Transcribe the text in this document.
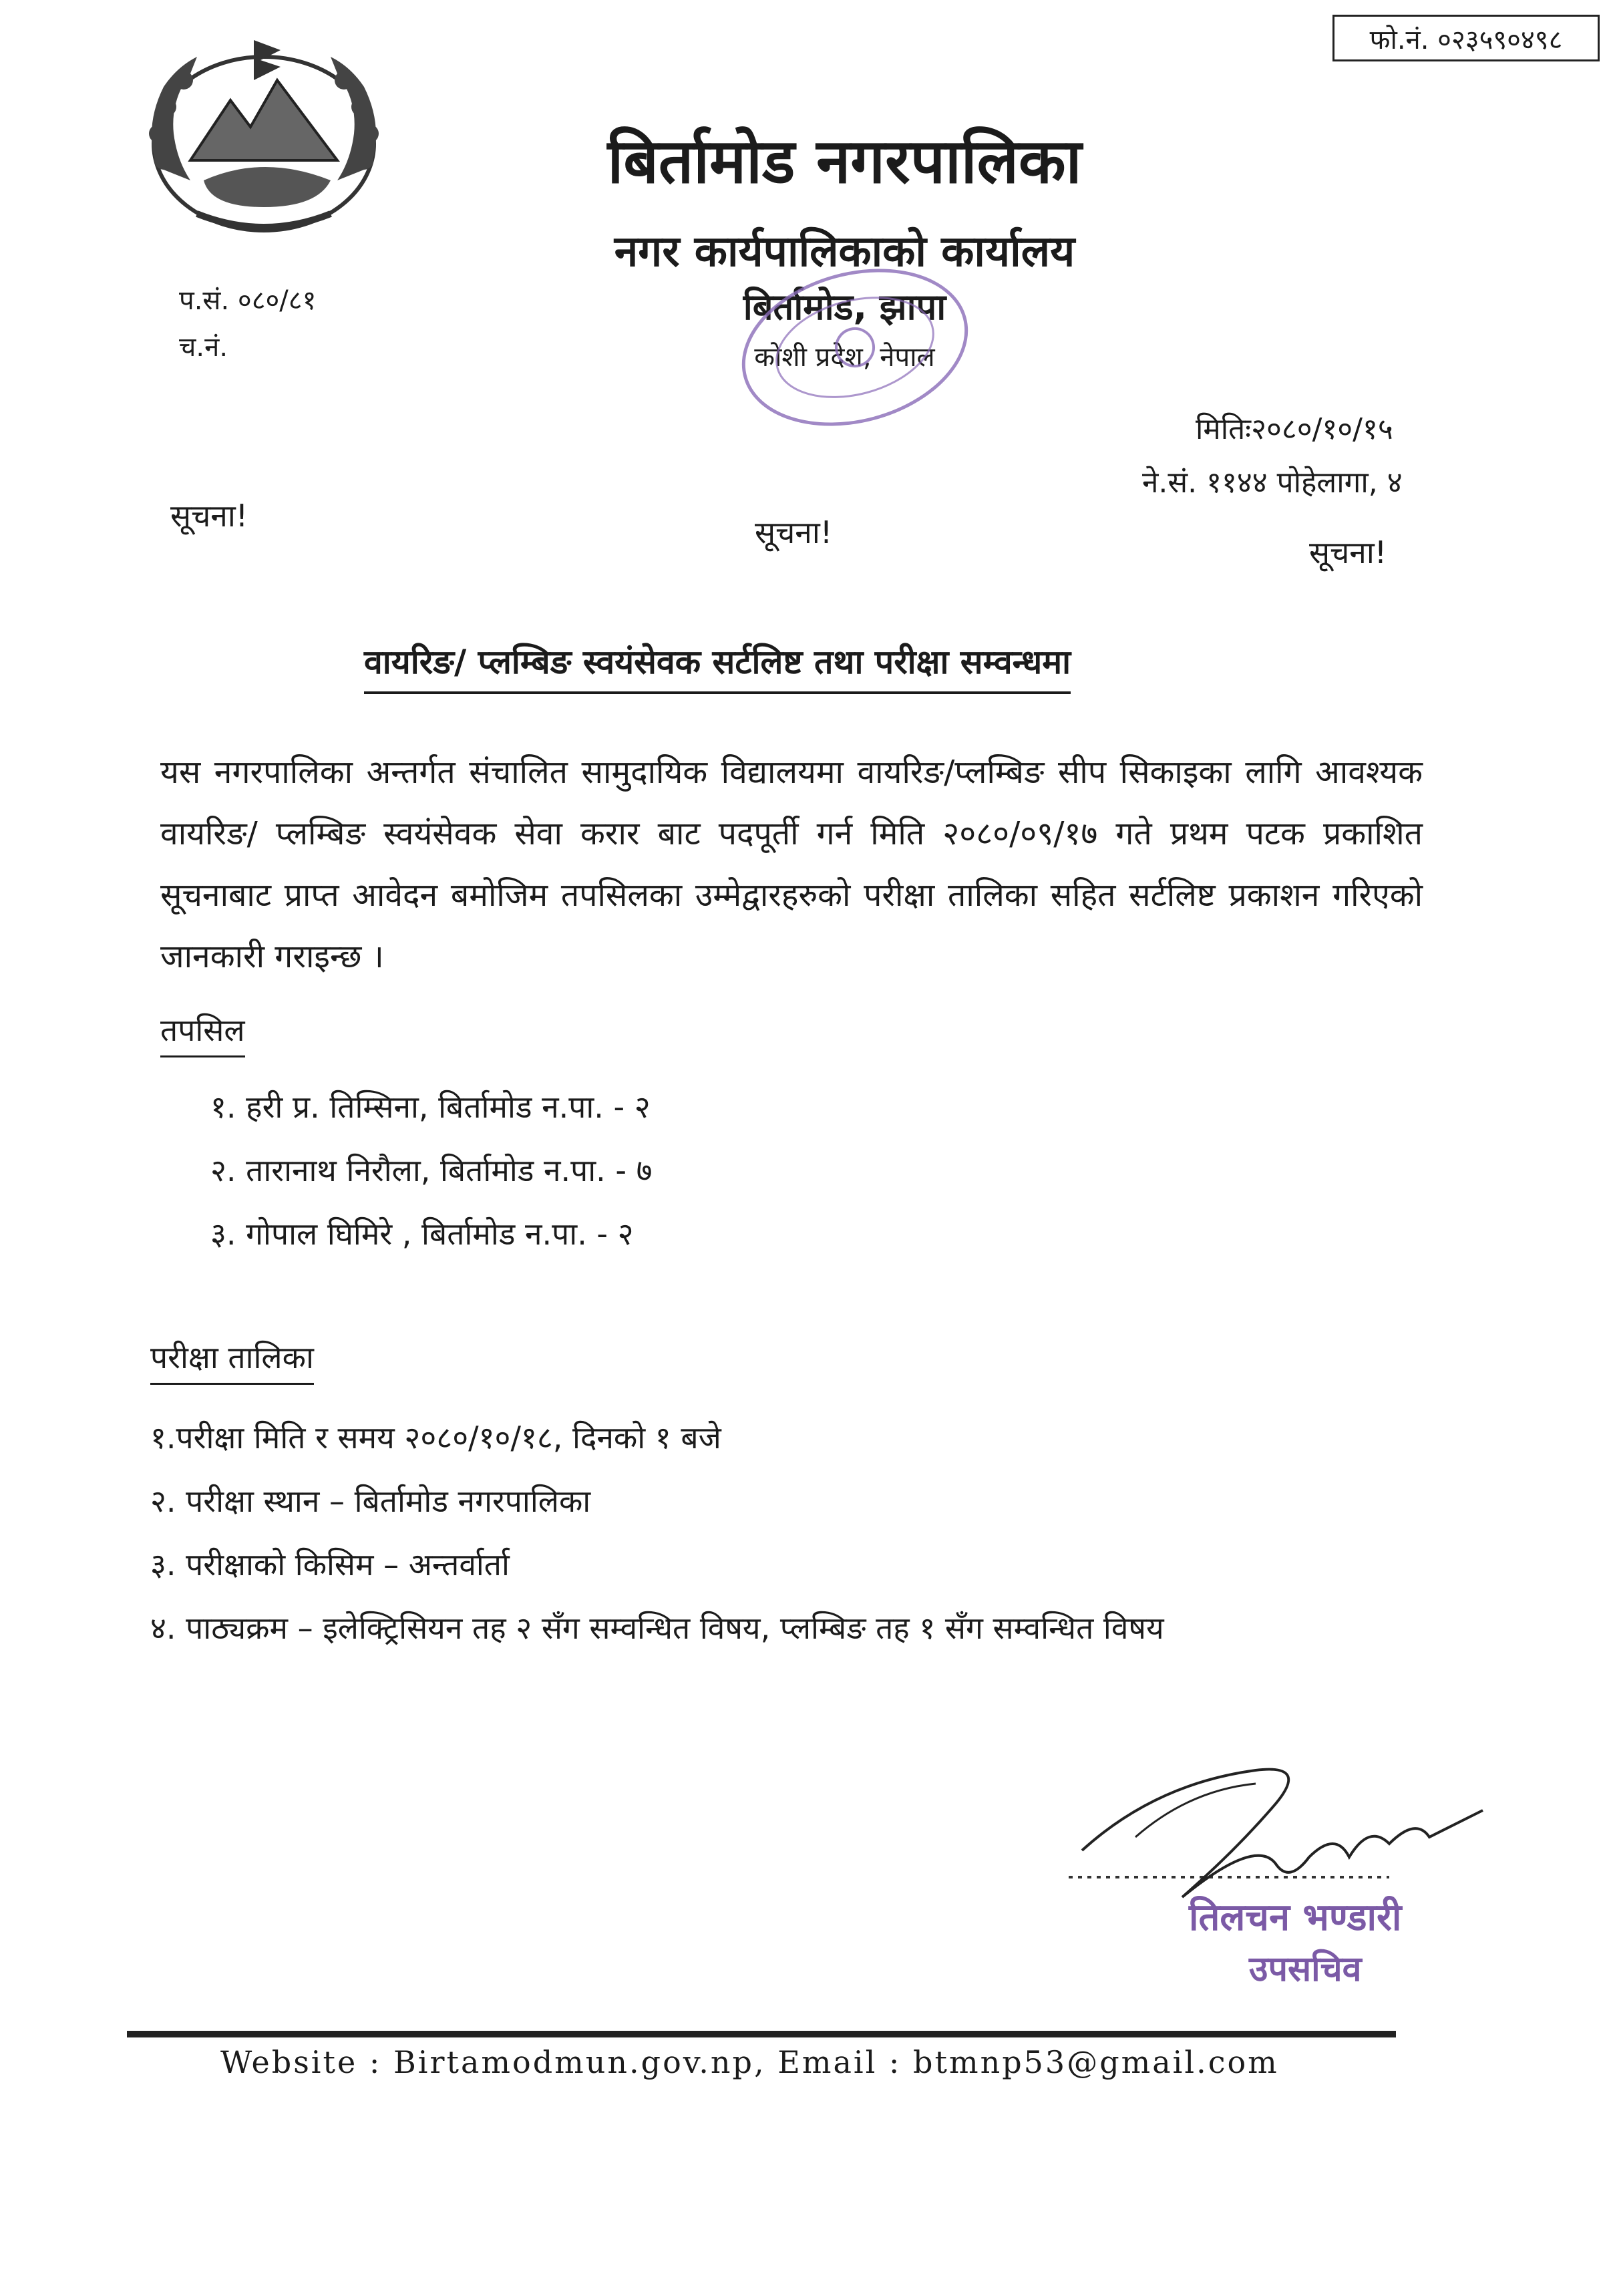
फो.नं. ०२३५९०४९८
बिर्तामोड नगरपालिका
नगर कार्यपालिकाको कार्यालय
बिर्तामोड, झापा
कोशी प्रदेश, नेपाल
प.सं. ०८०/८१
च.नं.
मितिः२०८०/१०/१५
ने.सं. ११४४ पोहेलागा, ४
सूचना!	सूचना!
सूचना!
वायरिङ/ प्लम्बिङ स्वयंसेवक सर्टलिष्ट तथा परीक्षा सम्वन्धमा
यस नगरपालिका अन्तर्गत संचालित सामुदायिक विद्यालयमा वायरिङ/प्लम्बिङ सीप सिकाइका लागि आवश्यक वायरिङ/ प्लम्बिङ स्वयंसेवक सेवा करार बाट पदपूर्ती गर्न मिति २०८०/०९/१७ गते प्रथम पटक प्रकाशित सूचनाबाट प्राप्त आवेदन बमोजिम तपसिलका उम्मेद्वारहरुको परीक्षा तालिका सहित सर्टलिष्ट प्रकाशन गरिएको जानकारी गराइन्छ ।
तपसिल
१. हरी प्र. तिम्सिना, बिर्तामोड न.पा. - २
२. तारानाथ निरौला, बिर्तामोड न.पा. - ७
३. गोपाल घिमिरे , बिर्तामोड न.पा. - २
परीक्षा तालिका
१.परीक्षा मिति र समय २०८०/१०/१८, दिनको १ बजे
२. परीक्षा स्थान – बिर्तामोड नगरपालिका
३. परीक्षाको किसिम – अन्तर्वार्ता
४. पाठ्यक्रम – इलेक्ट्रिसियन तह २ सँग सम्वन्धित विषय, प्लम्बिङ तह १ सँग सम्वन्धित विषय
तिलचन भण्डारी
उपसचिव
Website : Birtamodmun.gov.np, Email : btmnp53@gmail.com
